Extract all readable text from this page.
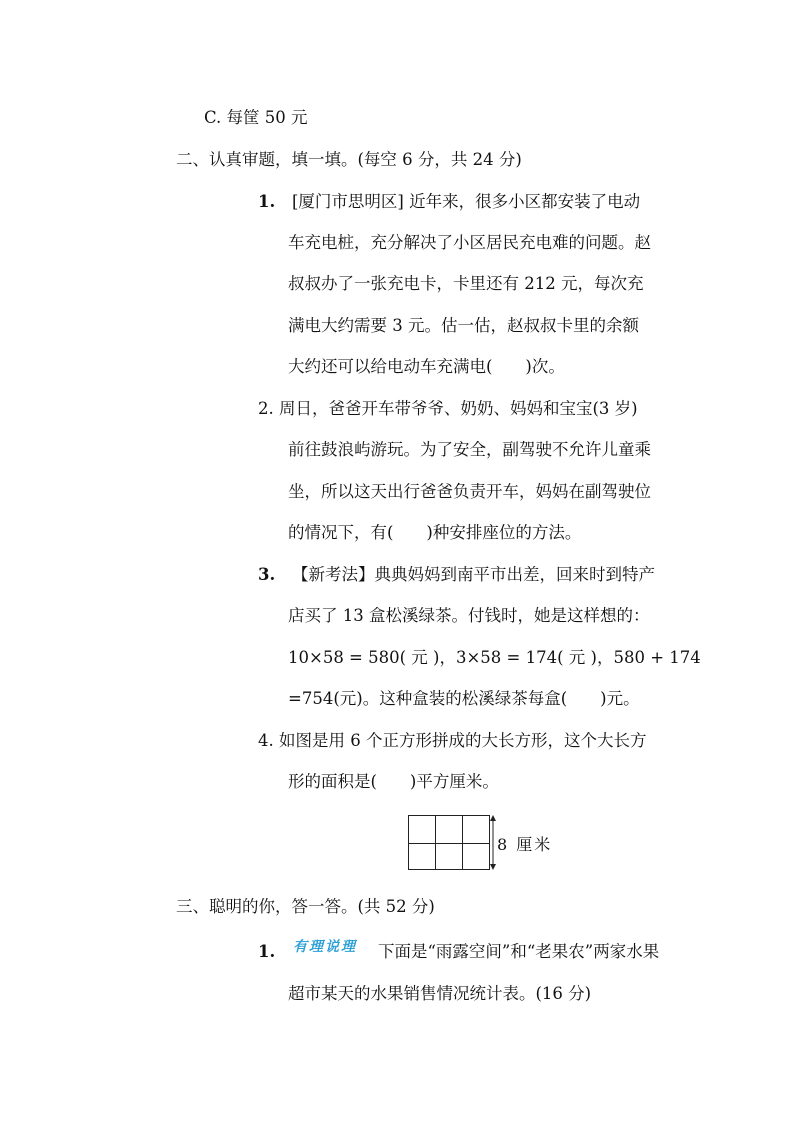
C. 每筐 50 元
二、认真审题，填一填。(每空 6 分，共 24 分)
1. [厦门市思明区] 近年来，很多小区都安装了电动
车充电桩，充分解决了小区居民充电难的问题。赵
叔叔办了一张充电卡，卡里还有 212 元，每次充
满电大约需要 3 元。估一估，赵叔叔卡里的余额
大约还可以给电动车充满电(　　)次。
2. 周日，爸爸开车带爷爷、奶奶、妈妈和宝宝(3 岁)
前往鼓浪屿游玩。为了安全，副驾驶不允许儿童乘
坐，所以这天出行爸爸负责开车，妈妈在副驾驶位
的情况下，有(　　)种安排座位的方法。
3. 【新考法】典典妈妈到南平市出差，回来时到特产
店买了 13 盒松溪绿茶。付钱时，她是这样想的：
10×58 = 580( 元 )，3×58 = 174( 元 )，580 + 174
=754(元)。这种盒装的松溪绿茶每盒(　　)元。
4. 如图是用 6 个正方形拼成的大长方形，这个大长方
形的面积是(　　)平方厘米。
8 厘米
三、聪明的你，答一答。(共 52 分)
1. 有理说理 下面是“雨露空间”和“老果农”两家水果
超市某天的水果销售情况统计表。(16 分)
